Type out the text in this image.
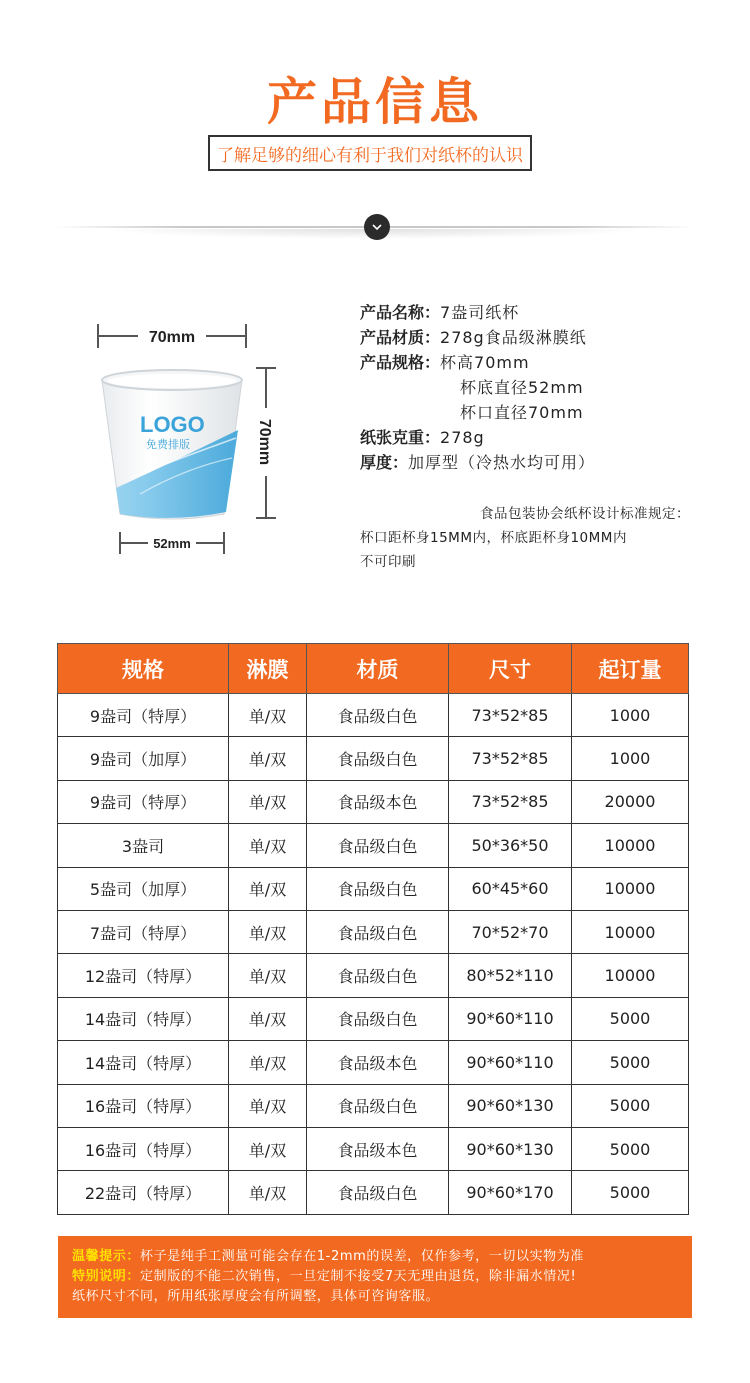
产品信息
了解足够的细心有利于我们对纸杯的认识
70mm
70mm
LOGO
免费排版
52mm
产品名称： 7盎司纸杯
产品材质： 278g食品级淋膜纸
产品规格： 杯高70mm
杯底直径52mm
杯口直径70mm
纸张克重： 278g
厚度： 加厚型（冷热水均可用）
食品包装协会纸杯设计标准规定：
杯口距杯身15MM内，杯底距杯身10MM内
不可印刷
规格	淋膜	材质	尺寸	起订量
9盎司（特厚）	单/双	食品级白色	73*52*85	1000
9盎司（加厚）	单/双	食品级白色	73*52*85	1000
9盎司（特厚）	单/双	食品级本色	73*52*85	20000
3盎司	单/双	食品级白色	50*36*50	10000
5盎司（加厚）	单/双	食品级白色	60*45*60	10000
7盎司（特厚）	单/双	食品级白色	70*52*70	10000
12盎司（特厚）	单/双	食品级白色	80*52*110	10000
14盎司（特厚）	单/双	食品级白色	90*60*110	5000
14盎司（特厚）	单/双	食品级本色	90*60*110	5000
16盎司（特厚）	单/双	食品级白色	90*60*130	5000
16盎司（特厚）	单/双	食品级本色	90*60*130	5000
22盎司（特厚）	单/双	食品级白色	90*60*170	5000
温馨提示：杯子是纯手工测量可能会存在1-2mm的误差，仅作参考，一切以实物为准
特别说明：定制版的不能二次销售，一旦定制不接受7天无理由退货，除非漏水情况!
纸杯尺寸不同，所用纸张厚度会有所调整，具体可咨询客服。
